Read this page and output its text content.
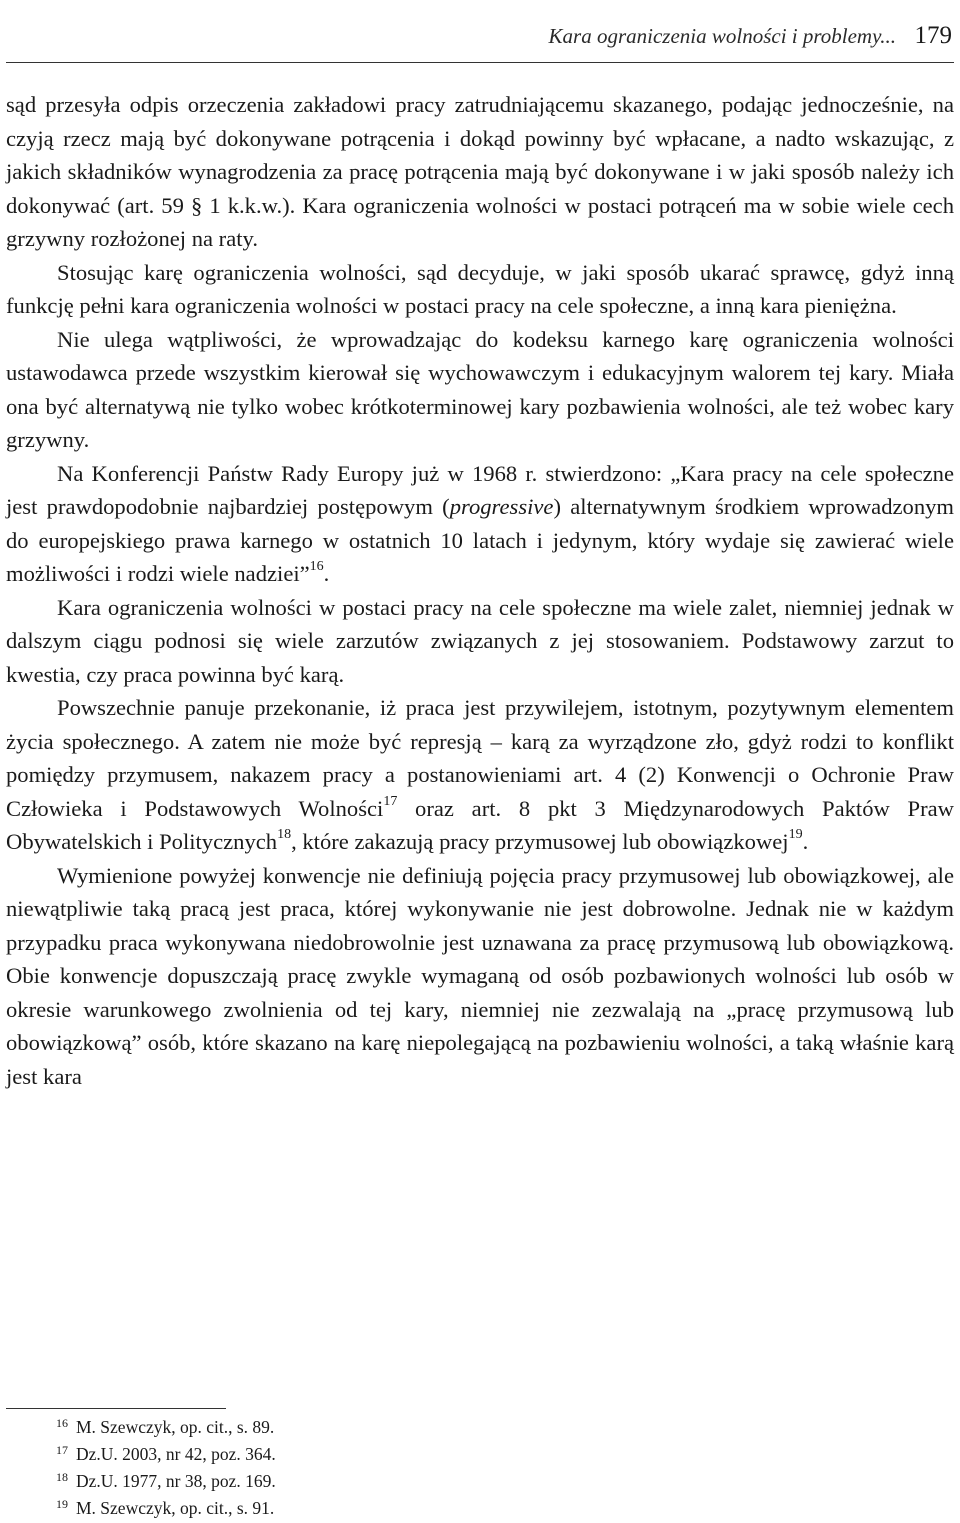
Kara ograniczenia wolności i problemy... 179

sąd przesyła odpis orzeczenia zakładowi pracy zatrudniającemu skazanego, podając jednocześnie, na czyją rzecz mają być dokonywane potrącenia i dokąd powinny być wpłacane, a nadto wskazując, z jakich składników wynagrodzenia za pracę potrącenia mają być dokonywane i w jaki sposób należy ich dokonywać (art. 59 § 1 k.k.w.). Kara ograniczenia wolności w postaci potrąceń ma w sobie wiele cech grzywny rozłożonej na raty.

Stosując karę ograniczenia wolności, sąd decyduje, w jaki sposób ukarać sprawcę, gdyż inną funkcję pełni kara ograniczenia wolności w postaci pracy na cele społeczne, a inną kara pieniężna.

Nie ulega wątpliwości, że wprowadzając do kodeksu karnego karę ograniczenia wolności ustawodawca przede wszystkim kierował się wychowawczym i edukacyjnym walorem tej kary. Miała ona być alternatywą nie tylko wobec krótkoterminowej kary pozbawienia wolności, ale też wobec kary grzywny.

Na Konferencji Państw Rady Europy już w 1968 r. stwierdzono: „Kara pracy na cele społeczne jest prawdopodobnie najbardziej postępowym (progressive) alternatywnym środkiem wprowadzonym do europejskiego prawa karnego w ostatnich 10 latach i jedynym, który wydaje się zawierać wiele możliwości i rodzi wiele nadziei”$^{16}$.

Kara ograniczenia wolności w postaci pracy na cele społeczne ma wiele zalet, niemniej jednak w dalszym ciągu podnosi się wiele zarzutów związanych z jej stosowaniem. Podstawowy zarzut to kwestia, czy praca powinna być karą.

Powszechnie panuje przekonanie, iż praca jest przywilejem, istotnym, pozytywnym elementem życia społecznego. A zatem nie może być represją – karą za wyrządzone zło, gdyż rodzi to konflikt pomiędzy przymusem, nakazem pracy a postanowieniami art. 4 (2) Konwencji o Ochronie Praw Człowieka i Podstawowych Wolności$^{17}$ oraz art. 8 pkt 3 Międzynarodowych Paktów Praw Obywatelskich i Politycznych$^{18}$, które zakazują pracy przymusowej lub obowiązkowej$^{19}$.

Wymienione powyżej konwencje nie definiują pojęcia pracy przymusowej lub obowiązkowej, ale niewątpliwie taką pracą jest praca, której wykonywanie nie jest dobrowolne. Jednak nie w każdym przypadku praca wykonywana niedobrowolnie jest uznawana za pracę przymusową lub obowiązkową. Obie konwencje dopuszczają pracę zwykle wymaganą od osób pozbawionych wolności lub osób w okresie warunkowego zwolnienia od tej kary, niemniej nie zezwalają na „pracę przymusową lub obowiązkową” osób, które skazano na karę niepolegającą na pozbawieniu wolności, a taką właśnie karą jest kara

$^{16}$ M. Szewczyk, op. cit., s. 89.
$^{17}$ Dz.U. 2003, nr 42, poz. 364.
$^{18}$ Dz.U. 1977, nr 38, poz. 169.
$^{19}$ M. Szewczyk, op. cit., s. 91.
